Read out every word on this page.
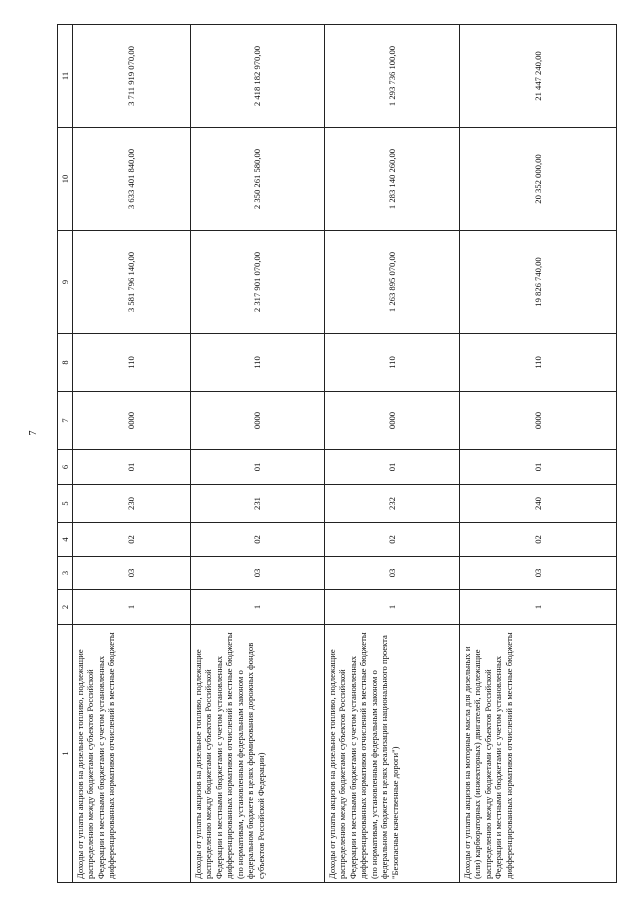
7
1	2	3	4	5	6	7	8	9	10	11
Доходы от уплаты акцизов на дизельное топливо, подлежащие распределению между бюджетами субъектов Российской Федерации и местными бюджетами с учетом установленных дифференцированных нормативов отчислений в местные бюджеты	1	03	02	230	01	0000	110	3 581 796 140,00	3 633 401 840,00	3 711 919 070,00
Доходы от уплаты акцизов на дизельное топливо, подлежащие распределению между бюджетами субъектов Российской Федерации и местными бюджетами с учетом установленных дифференцированных нормативов отчислений в местные бюджеты (по нормативам, установленным федеральным законом о федеральном бюджете в целях формирования дорожных фондов субъектов Российской Федерации)	1	03	02	231	01	0000	110	2 317 901 070,00	2 350 261 580,00	2 418 182 970,00
Доходы от уплаты акцизов на дизельное топливо, подлежащие распределению между бюджетами субъектов Российской Федерации и местными бюджетами с учетом установленных дифференцированных нормативов отчислений в местные бюджеты (по нормативам, установленным федеральным законом о федеральном бюджете в целях реализации национального проекта "Безопасные качественные дороги")	1	03	02	232	01	0000	110	1 263 895 070,00	1 283 140 260,00	1 293 736 100,00
Доходы от уплаты акцизов на моторные масла для дизельных и (или) карбюраторных (инжекторных) двигателей, подлежащие распределению между бюджетами субъектов Российской Федерации и местными бюджетами с учетом установленных дифференцированных нормативов отчислений в местные бюджеты	1	03	02	240	01	0000	110	19 826 740,00	20 352 000,00	21 447 240,00
